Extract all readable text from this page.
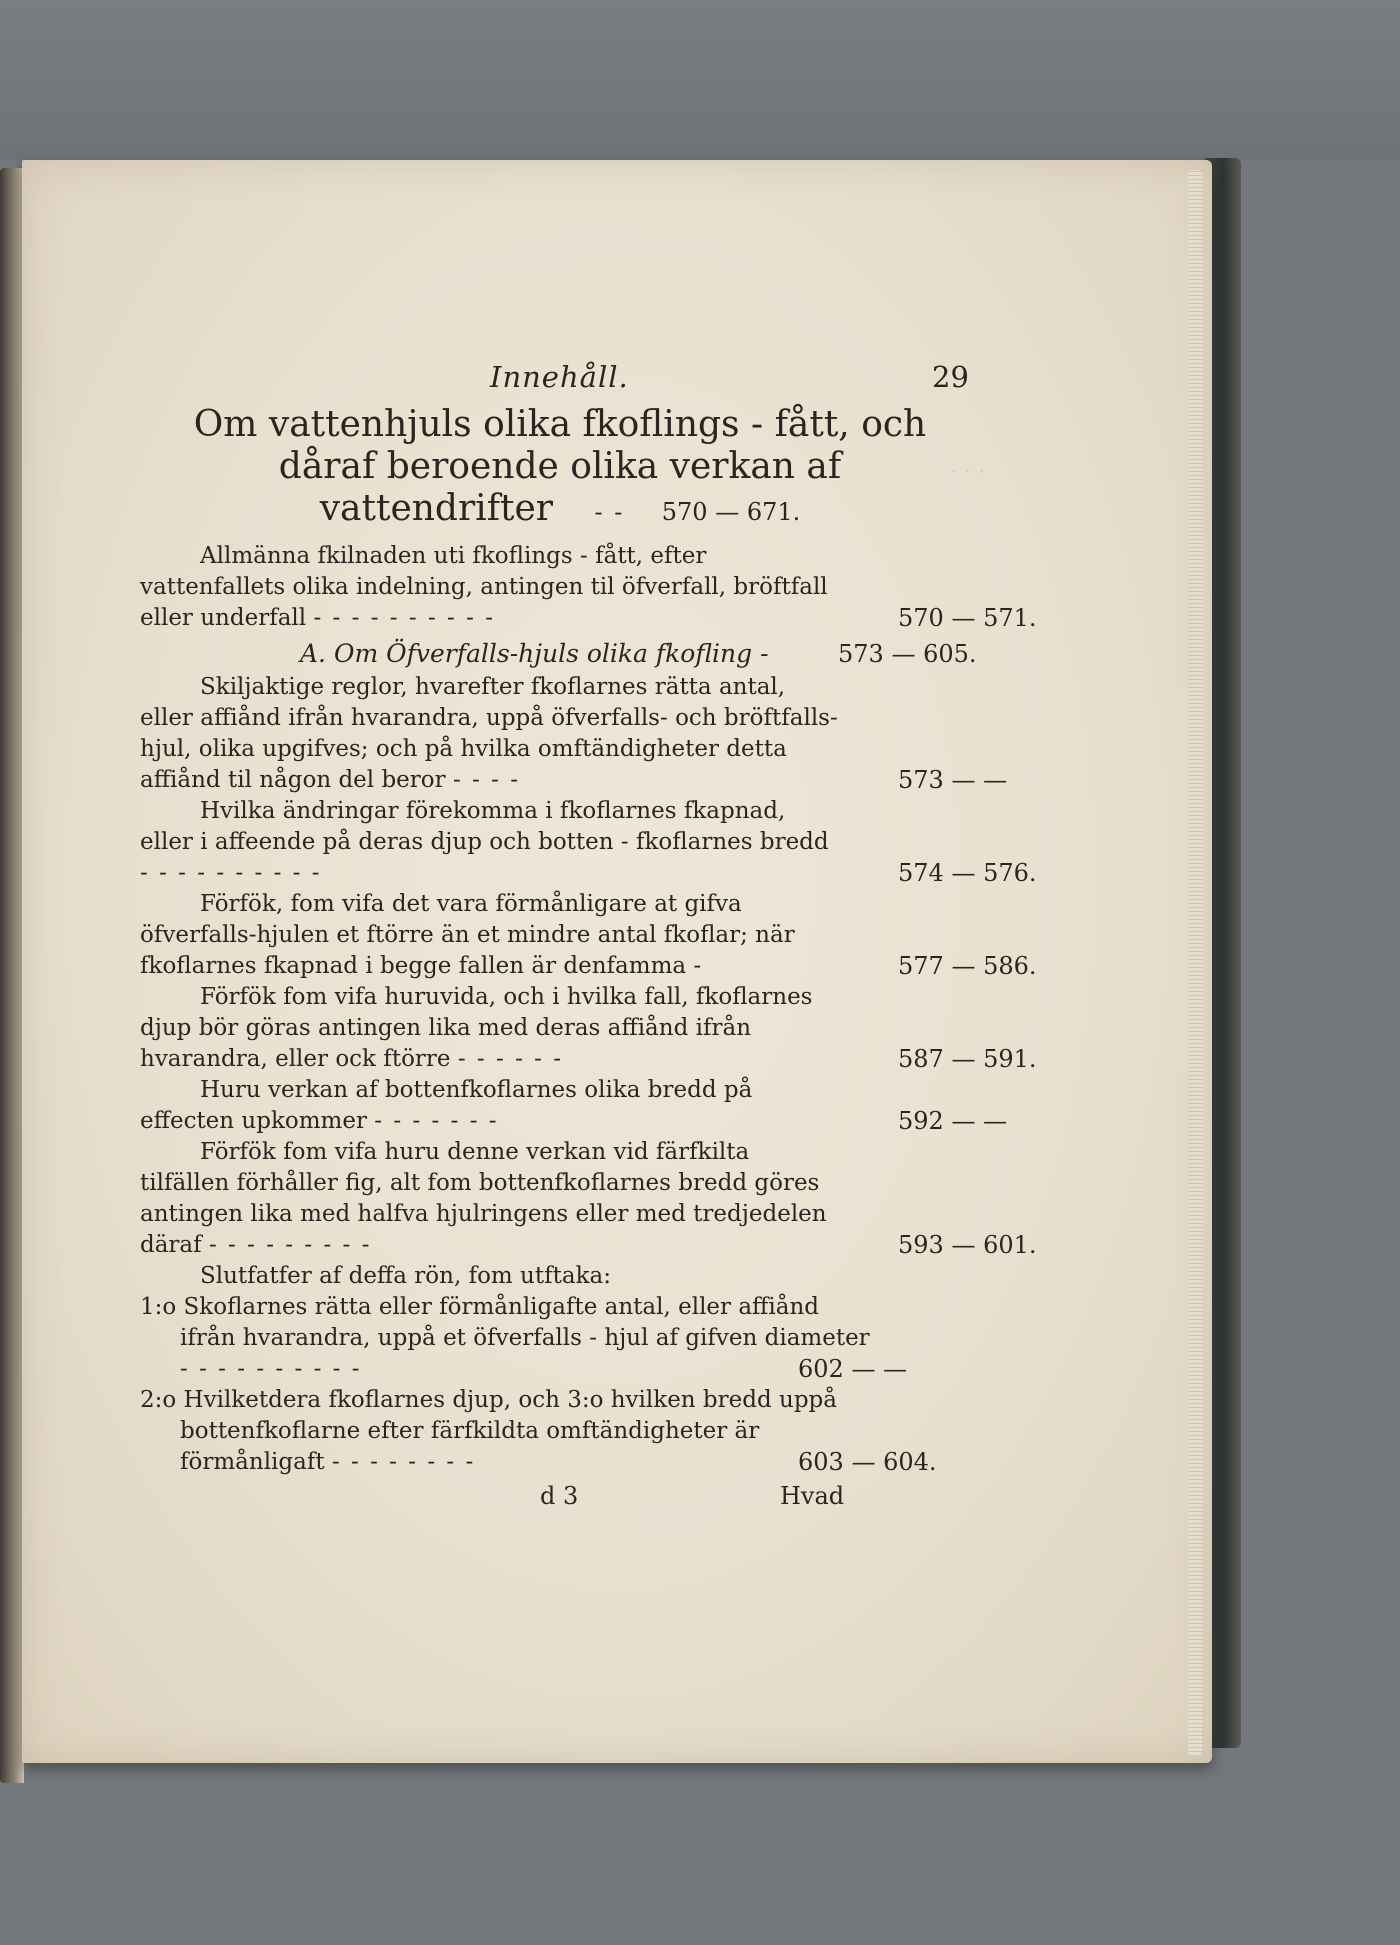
· · ·
Innehåll.	29
Om vattenhjuls olika fkoflings - fått, och
dåraf beroende olika verkan af
vattendrifter - - 570 — 671.
Allmänna fkilnaden uti fkoflings - fått, efter vattenfallets olika indelning, antingen til öfverfall, bröftfall eller underfall - - - - - - - - - -	570 — 571.
A. Om Öfverfalls-hjuls olika fkofling -	573 — 605.
Skiljaktige reglor, hvarefter fkoflarnes rätta antal, eller affiånd ifrån hvarandra, uppå öfverfalls- och bröftfalls-hjul, olika upgifves; och på hvilka omftändigheter detta affiånd til någon del beror - - - -	573 — —
Hvilka ändringar förekomma i fkoflarnes fkapnad, eller i affeende på deras djup och botten - fkoflarnes bredd - - - - - - - - - -	574 — 576.
Förfök, fom vifa det vara förmånligare at gifva öfverfalls-hjulen et ftörre än et mindre antal fkoflar; när fkoflarnes fkapnad i begge fallen är denfamma -	577 — 586.
Förfök fom vifa huruvida, och i hvilka fall, fkoflarnes djup bör göras antingen lika med deras affiånd ifrån hvarandra, eller ock ftörre - - - - - -	587 — 591.
Huru verkan af bottenfkoflarnes olika bredd på effecten upkommer - - - - - - -	592 — —
Förfök fom vifa huru denne verkan vid färfkilta tilfällen förhåller fig, alt fom bottenfkoflarnes bredd göres antingen lika med halfva hjulringens eller med tredjedelen däraf - - - - - - - - -	593 — 601.
Slutfatfer af deffa rön, fom utftaka:
1:o Skoflarnes rätta eller förmånligafte antal, eller affiånd ifrån hvarandra, uppå et öfverfalls - hjul af gifven diameter - - - - - - - - - -	602 — —
2:o Hvilketdera fkoflarnes djup, och 3:o hvilken bredd uppå bottenfkoflarne efter färfkildta omftändigheter är förmånligaft - - - - - - - -	603 — 604.
d 3	Hvad
